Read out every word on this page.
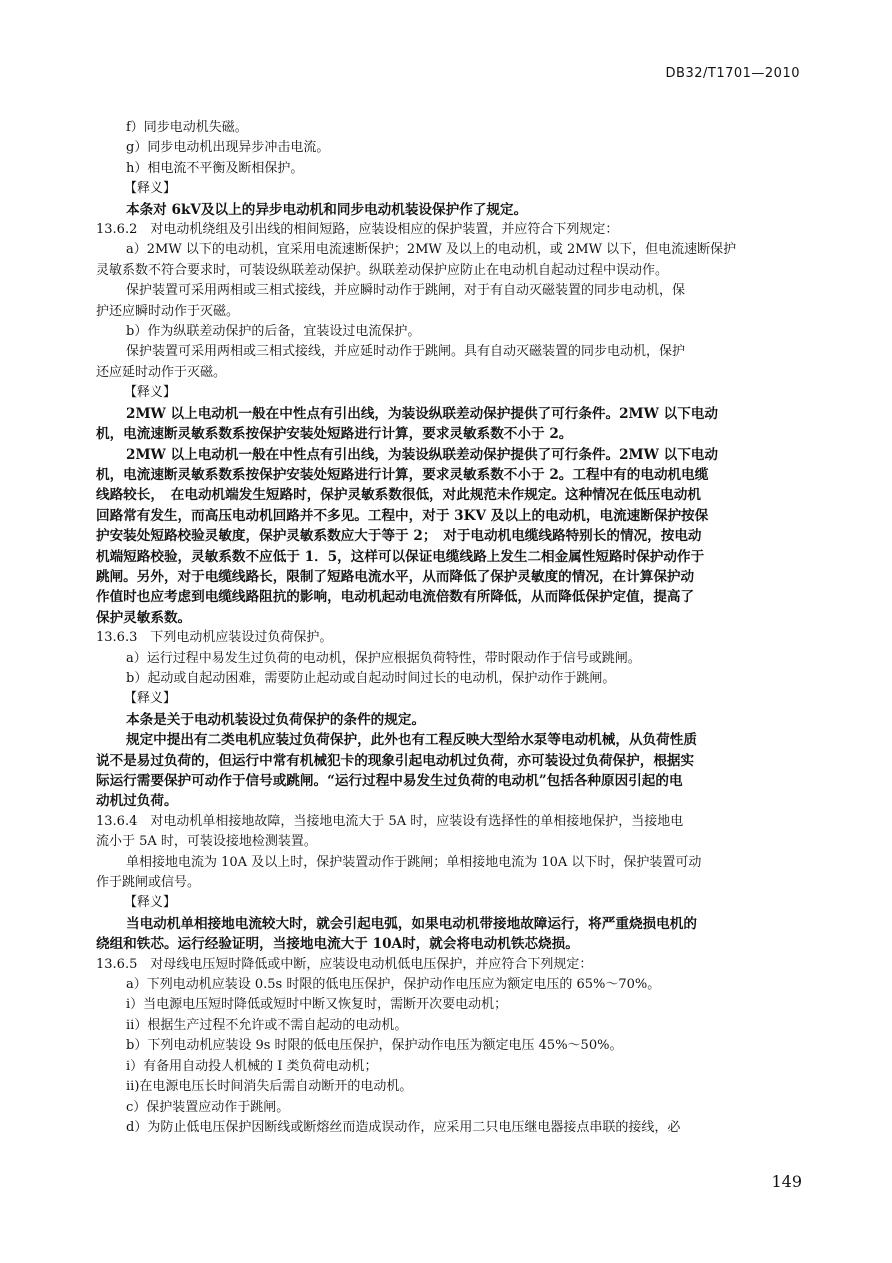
DB32/T1701—2010
f）同步电动机失磁。
g）同步电动机出现异步冲击电流。
h）相电流不平衡及断相保护。
【释义】
本条对 6kV及以上的异步电动机和同步电动机装设保护作了规定。
13.6.2　对电动机绕组及引出线的相间短路，应装设相应的保护装置，并应符合下列规定：
a）2MW 以下的电动机，宜采用电流速断保护；2MW 及以上的电动机，或 2MW 以下，但电流速断保护
灵敏系数不符合要求时，可装设纵联差动保护。纵联差动保护应防止在电动机自起动过程中误动作。
保护装置可采用两相或三相式接线，并应瞬时动作于跳闸，对于有自动灭磁装置的同步电动机，保
护还应瞬时动作于灭磁。
b）作为纵联差动保护的后备，宜装设过电流保护。
保护装置可采用两相或三相式接线，并应延时动作于跳闸。具有自动灭磁装置的同步电动机，保护
还应延时动作于灭磁。
【释义】
2MW 以上电动机一般在中性点有引出线，为装设纵联差动保护提供了可行条件。2MW 以下电动
机，电流速断灵敏系数系按保护安装处短路进行计算，要求灵敏系数不小于 2。
2MW 以上电动机一般在中性点有引出线，为装设纵联差动保护提供了可行条件。2MW 以下电动
机，电流速断灵敏系数系按保护安装处短路进行计算，要求灵敏系数不小于 2。工程中有的电动机电缆
线路较长，　在电动机端发生短路时，保护灵敏系数很低，对此规范未作规定。这种情况在低压电动机
回路常有发生，而高压电动机回路并不多见。工程中，对于 3KV 及以上的电动机，电流速断保护按保
护安装处短路校验灵敏度，保护灵敏系数应大于等于 2；　对于电动机电缆线路特别长的情况，按电动
机端短路校验，灵敏系数不应低于 1．5，这样可以保证电缆线路上发生二相金属性短路时保护动作于
跳闸。另外，对于电缆线路长，限制了短路电流水平，从而降低了保护灵敏度的情况，在计算保护动
作值时也应考虑到电缆线路阻抗的影响，电动机起动电流倍数有所降低，从而降低保护定值，提高了
保护灵敏系数。
13.6.3　下列电动机应装设过负荷保护。
a）运行过程中易发生过负荷的电动机，保护应根据负荷特性，带时限动作于信号或跳闸。
b）起动或自起动困难，需要防止起动或自起动时间过长的电动机，保护动作于跳闸。
【释义】
本条是关于电动机装设过负荷保护的条件的规定。
规定中提出有二类电机应装过负荷保护，此外也有工程反映大型给水泵等电动机械，从负荷性质
说不是易过负荷的，但运行中常有机械犯卡的现象引起电动机过负荷，亦可装设过负荷保护，根据实
际运行需要保护可动作于信号或跳闸。“运行过程中易发生过负荷的电动机”包括各种原因引起的电
动机过负荷。
13.6.4　对电动机单相接地故障，当接地电流大于 5A 时，应装设有选择性的单相接地保护，当接地电
流小于 5A 时，可装设接地检测装置。
单相接地电流为 10A 及以上时，保护装置动作于跳闸；单相接地电流为 10A 以下时，保护装置可动
作于跳闸或信号。
【释义】
当电动机单相接地电流较大时，就会引起电弧，如果电动机带接地故障运行，将严重烧损电机的
绕组和铁芯。运行经验证明，当接地电流大于 10A时，就会将电动机铁芯烧损。
13.6.5　对母线电压短时降低或中断，应装设电动机低电压保护，并应符合下列规定：
a）下列电动机应装设 0.5s 时限的低电压保护，保护动作电压应为额定电压的 65%～70%。
i）当电源电压短时降低或短时中断又恢复时，需断开次要电动机；
ii）根据生产过程不允许或不需自起动的电动机。
b）下列电动机应装设 9s 时限的低电压保护，保护动作电压为额定电压 45%～50%。
i）有备用自动投人机械的 I 类负荷电动机；
ii)在电源电压长时间消失后需自动断开的电动机。
c）保护装置应动作于跳闸。
d）为防止低电压保护因断线或断熔丝而造成误动作，应采用二只电压继电器接点串联的接线，必
149
